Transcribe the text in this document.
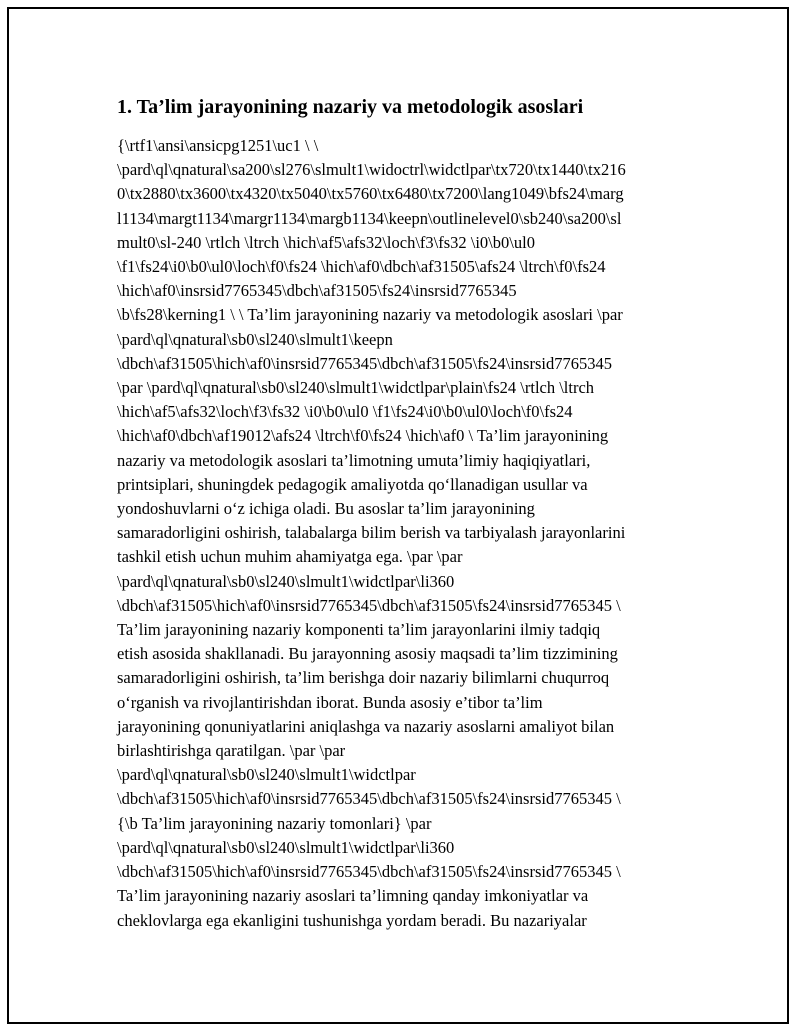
1. Ta’lim jarayonining nazariy va metodologik asoslari

{\rtf1\ansi\ansicpg1251\uc1 \ \
\pard\ql\qnatural\sa200\sl276\slmult1\widoctrl\widctlpar\tx720\tx1440\tx216
0\tx2880\tx3600\tx4320\tx5040\tx5760\tx6480\tx7200\lang1049\bfs24\marg
l1134\margt1134\margr1134\margb1134\keepn\outlinelevel0\sb240\sa200\sl
mult0\sl-240 \rtlch \ltrch \hich\af5\afs32\loch\f3\fs32 \i0\b0\ul0
\f1\fs24\i0\b0\ul0\loch\f0\fs24 \hich\af0\dbch\af31505\afs24 \ltrch\f0\fs24
\hich\af0\insrsid7765345\dbch\af31505\fs24\insrsid7765345
\b\fs28\kerning1 \ \ Ta’lim jarayonining nazariy va metodologik asoslari \par
\pard\ql\qnatural\sb0\sl240\slmult1\keepn
\dbch\af31505\hich\af0\insrsid7765345\dbch\af31505\fs24\insrsid7765345
\par \pard\ql\qnatural\sb0\sl240\slmult1\widctlpar\plain\fs24 \rtlch \ltrch
\hich\af5\afs32\loch\f3\fs32 \i0\b0\ul0 \f1\fs24\i0\b0\ul0\loch\f0\fs24
\hich\af0\dbch\af19012\afs24 \ltrch\f0\fs24 \hich\af0 \ Ta’lim jarayonining
nazariy va metodologik asoslari ta’limotning umuta’limiy haqiqiyatlari,
printsiplari, shuningdek pedagogik amaliyotda qo‘llanadigan usullar va
yondoshuvlarni o‘z ichiga oladi. Bu asoslar ta’lim jarayonining
samaradorligini oshirish, talabalarga bilim berish va tarbiyalash jarayonlarini
tashkil etish uchun muhim ahamiyatga ega. \par \par
\pard\ql\qnatural\sb0\sl240\slmult1\widctlpar\li360
\dbch\af31505\hich\af0\insrsid7765345\dbch\af31505\fs24\insrsid7765345 \
Ta’lim jarayonining nazariy komponenti ta’lim jarayonlarini ilmiy tadqiq
etish asosida shakllanadi. Bu jarayonning asosiy maqsadi ta’lim tizzimining
samaradorligini oshirish, ta’lim berishga doir nazariy bilimlarni chuqurroq
o‘rganish va rivojlantirishdan iborat. Bunda asosiy e’tibor ta’lim
jarayonining qonuniyatlarini aniqlashga va nazariy asoslarni amaliyot bilan
birlashtirishga qaratilgan. \par \par
\pard\ql\qnatural\sb0\sl240\slmult1\widctlpar
\dbch\af31505\hich\af0\insrsid7765345\dbch\af31505\fs24\insrsid7765345 \
{\b Ta’lim jarayonining nazariy tomonlari} \par
\pard\ql\qnatural\sb0\sl240\slmult1\widctlpar\li360
\dbch\af31505\hich\af0\insrsid7765345\dbch\af31505\fs24\insrsid7765345 \
Ta’lim jarayonining nazariy asoslari ta’limning qanday imkoniyatlar va
cheklovlarga ega ekanligini tushunishga yordam beradi. Bu nazariyalar
